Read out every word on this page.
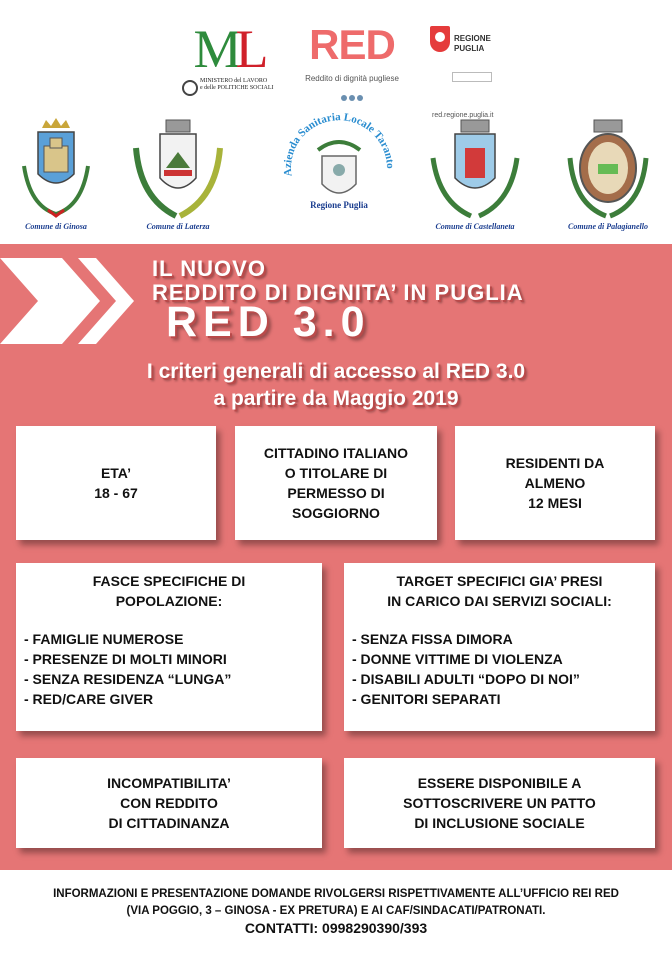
ML
MINISTERO del LAVORO
e delle POLITICHE SOCIALI
RED
Reddito di dignità pugliese
REGIONE
PUGLIA
red.regione.puglia.it
Comune di Ginosa	Comune di Laterza
Azienda Sanitaria Locale Taranto
Regione Puglia
Comune di Castellaneta	Comune di Palagianello
IL NUOVO
REDDITO DI DIGNITA’ IN PUGLIA
RED 3.0
I criteri generali di accesso al RED 3.0
a partire da Maggio 2019
ETA’
18 - 67
CITTADINO ITALIANO
O TITOLARE DI
PERMESSO DI
SOGGIORNO
RESIDENTI DA
ALMENO
12 MESI
FASCE SPECIFICHE DI
POPOLAZIONE:
- FAMIGLIE NUMEROSE
- PRESENZE DI MOLTI MINORI
- SENZA RESIDENZA “LUNGA”
- RED/CARE GIVER
TARGET SPECIFICI GIA’ PRESI
IN CARICO DAI SERVIZI SOCIALI:
- SENZA FISSA DIMORA
- DONNE VITTIME DI VIOLENZA
- DISABILI ADULTI “DOPO DI NOI”
- GENITORI SEPARATI
INCOMPATIBILITA’
CON REDDITO
DI CITTADINANZA
ESSERE DISPONIBILE A
SOTTOSCRIVERE UN PATTO
DI INCLUSIONE SOCIALE
INFORMAZIONI E PRESENTAZIONE DOMANDE RIVOLGERSI RISPETTIVAMENTE ALL’UFFICIO REI RED
(VIA POGGIO, 3 – GINOSA - EX PRETURA) E AI CAF/SINDACATI/PATRONATI.
CONTATTI: 0998290390/393
